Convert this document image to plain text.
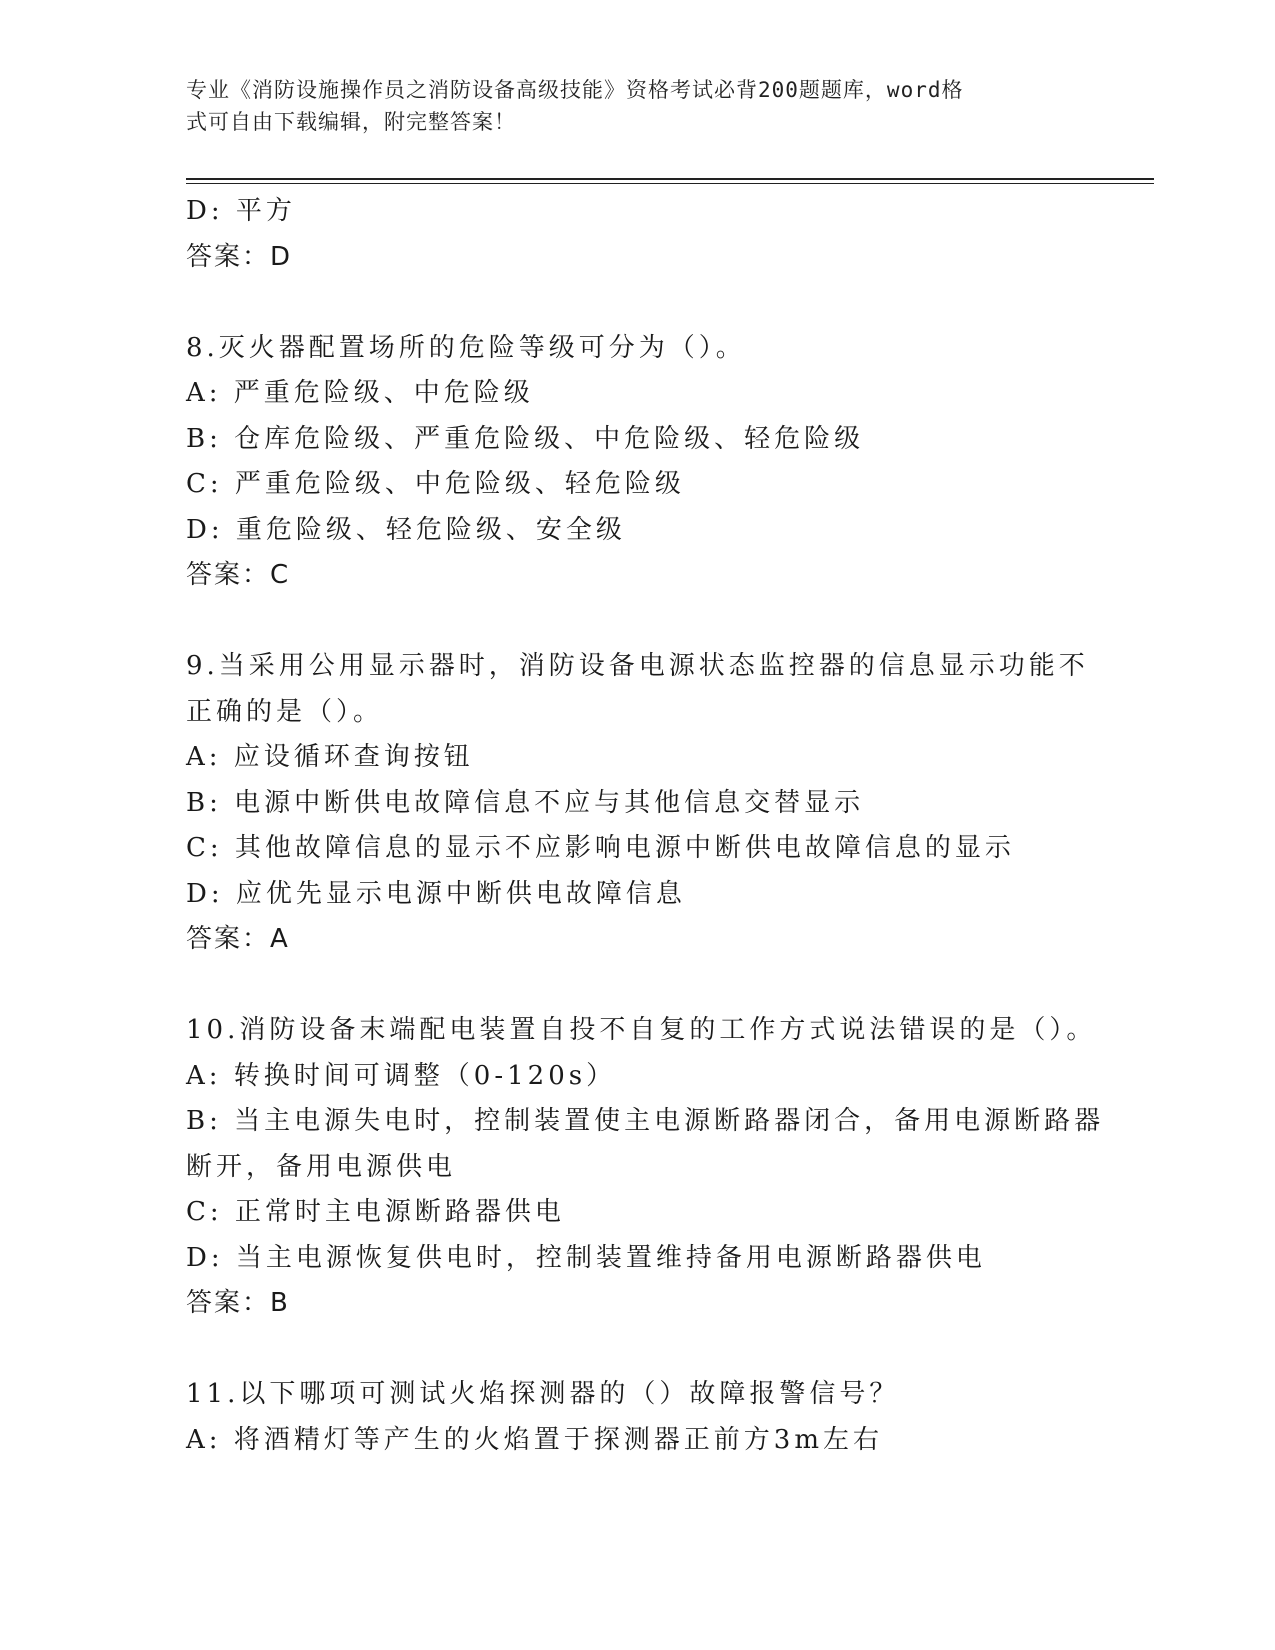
专业《消防设施操作员之消防设备高级技能》资格考试必背200题题库，word格
式可自由下载编辑，附完整答案！

D: 平方

答案：D

8.灭火器配置场所的危险等级可分为（）。

A: 严重危险级、中危险级

B: 仓库危险级、严重危险级、中危险级、轻危险级

C: 严重危险级、中危险级、轻危险级

D: 重危险级、轻危险级、安全级

答案：C

9.当采用公用显示器时，消防设备电源状态监控器的信息显示功能不

正确的是（）。

A: 应设循环查询按钮

B: 电源中断供电故障信息不应与其他信息交替显示

C: 其他故障信息的显示不应影响电源中断供电故障信息的显示

D: 应优先显示电源中断供电故障信息

答案：A

10.消防设备末端配电装置自投不自复的工作方式说法错误的是（）。

A: 转换时间可调整（0-120s）

B: 当主电源失电时，控制装置使主电源断路器闭合，备用电源断路器

断开，备用电源供电

C: 正常时主电源断路器供电

D: 当主电源恢复供电时，控制装置维持备用电源断路器供电

答案：B

11.以下哪项可测试火焰探测器的（）故障报警信号？

A: 将酒精灯等产生的火焰置于探测器正前方3m左右
